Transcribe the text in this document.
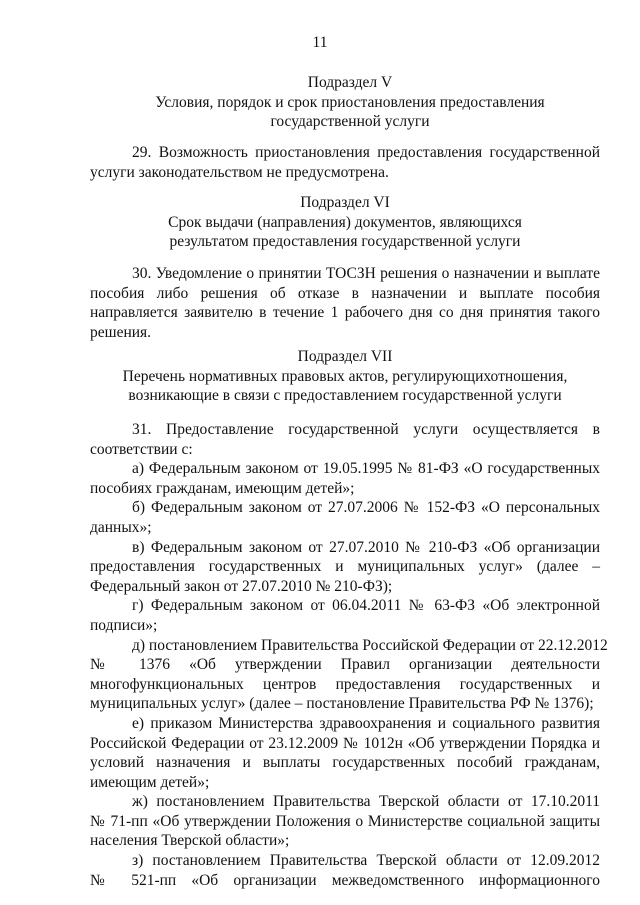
11
Подраздел V
Условия, порядок и срок приостановления предоставления
государственной услуги
29. Возможность приостановления предоставления государственной
услуги законодательством не предусмотрена.
Подраздел VI
Срок выдачи (направления) документов, являющихся
результатом предоставления государственной услуги
30. Уведомление о принятии ТОСЗН решения о назначении и выплате
пособия либо решения об отказе в назначении и выплате пособия
направляется заявителю в течение 1 рабочего дня со дня принятия такого
решения.
Подраздел VII
Перечень нормативных правовых актов, регулирующихотношения,
возникающие в связи с предоставлением государственной услуги
31. Предоставление государственной услуги осуществляется в
соответствии с:
а) Федеральным законом от 19.05.1995 № 81-ФЗ «О государственных
пособиях гражданам, имеющим детей»;
б) Федеральным законом от 27.07.2006 № 152-ФЗ «О персональных
данных»;
в) Федеральным законом от 27.07.2010 № 210-ФЗ «Об организации
предоставления государственных и муниципальных услуг» (далее –
Федеральный закон от 27.07.2010 № 210-ФЗ);
г) Федеральным законом от 06.04.2011 № 63-ФЗ «Об электронной
подписи»;
д) постановлением Правительства Российской Федерации от 22.12.2012
№ 1376 «Об утверждении Правил организации деятельности
многофункциональных центров предоставления государственных и
муниципальных услуг» (далее – постановление Правительства РФ № 1376);
е) приказом Министерства здравоохранения и социального развития
Российской Федерации от 23.12.2009 № 1012н «Об утверждении Порядка и
условий назначения и выплаты государственных пособий гражданам,
имеющим детей»;
ж) постановлением Правительства Тверской области от 17.10.2011
№ 71-пп «Об утверждении Положения о Министерстве социальной защиты
населения Тверской области»;
з) постановлением Правительства Тверской области от 12.09.2012
№ 521-пп «Об организации межведомственного информационного
